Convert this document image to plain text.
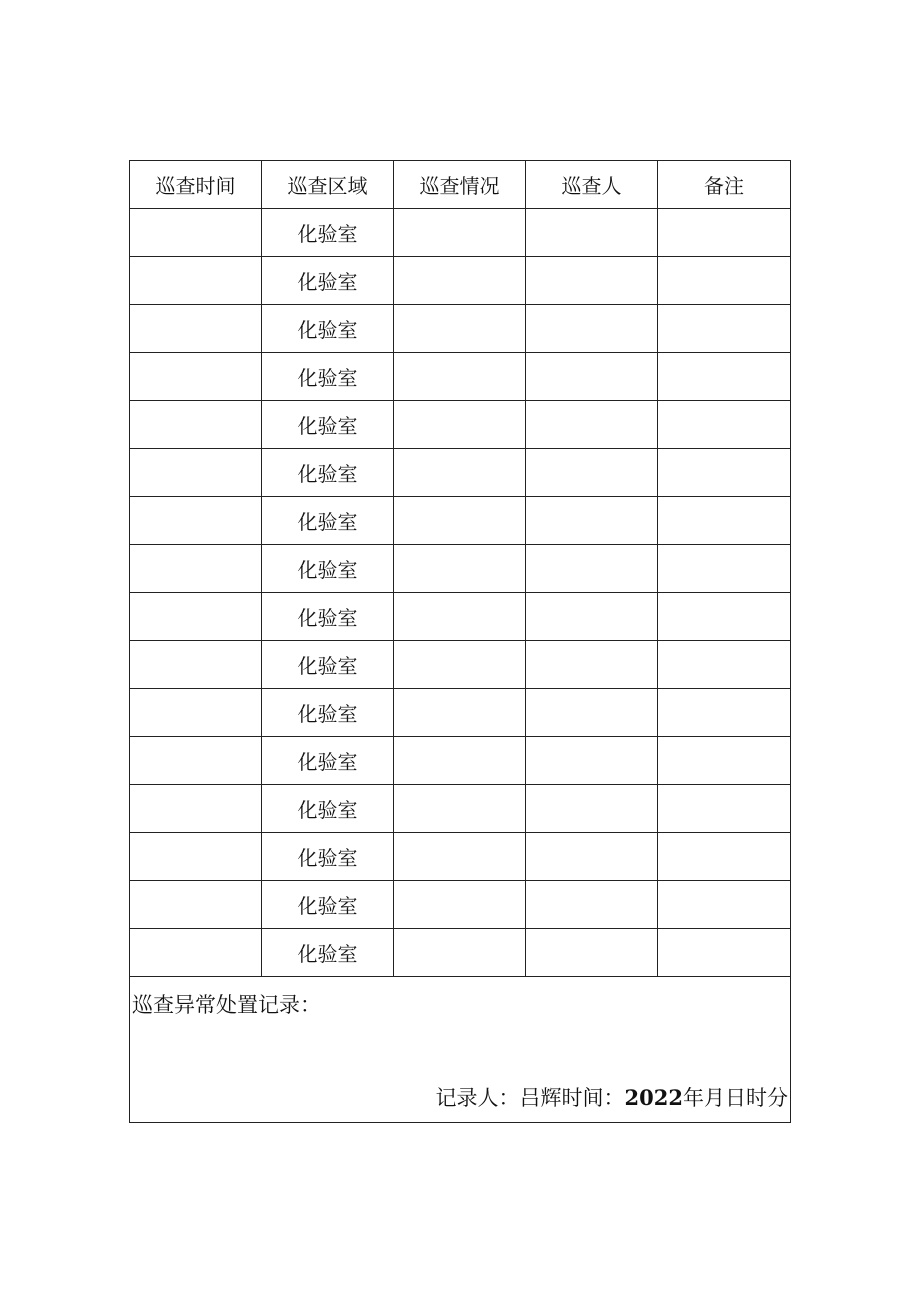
巡查时间	巡查区域	巡查情况	巡查人	备注
	化验室			
	化验室			
	化验室			
	化验室			
	化验室			
	化验室			
	化验室			
	化验室			
	化验室			
	化验室			
	化验室			
	化验室			
	化验室			
	化验室			
	化验室			
	化验室			

巡查异常处置记录：
记录人：吕辉时间：2022年月日时分				
